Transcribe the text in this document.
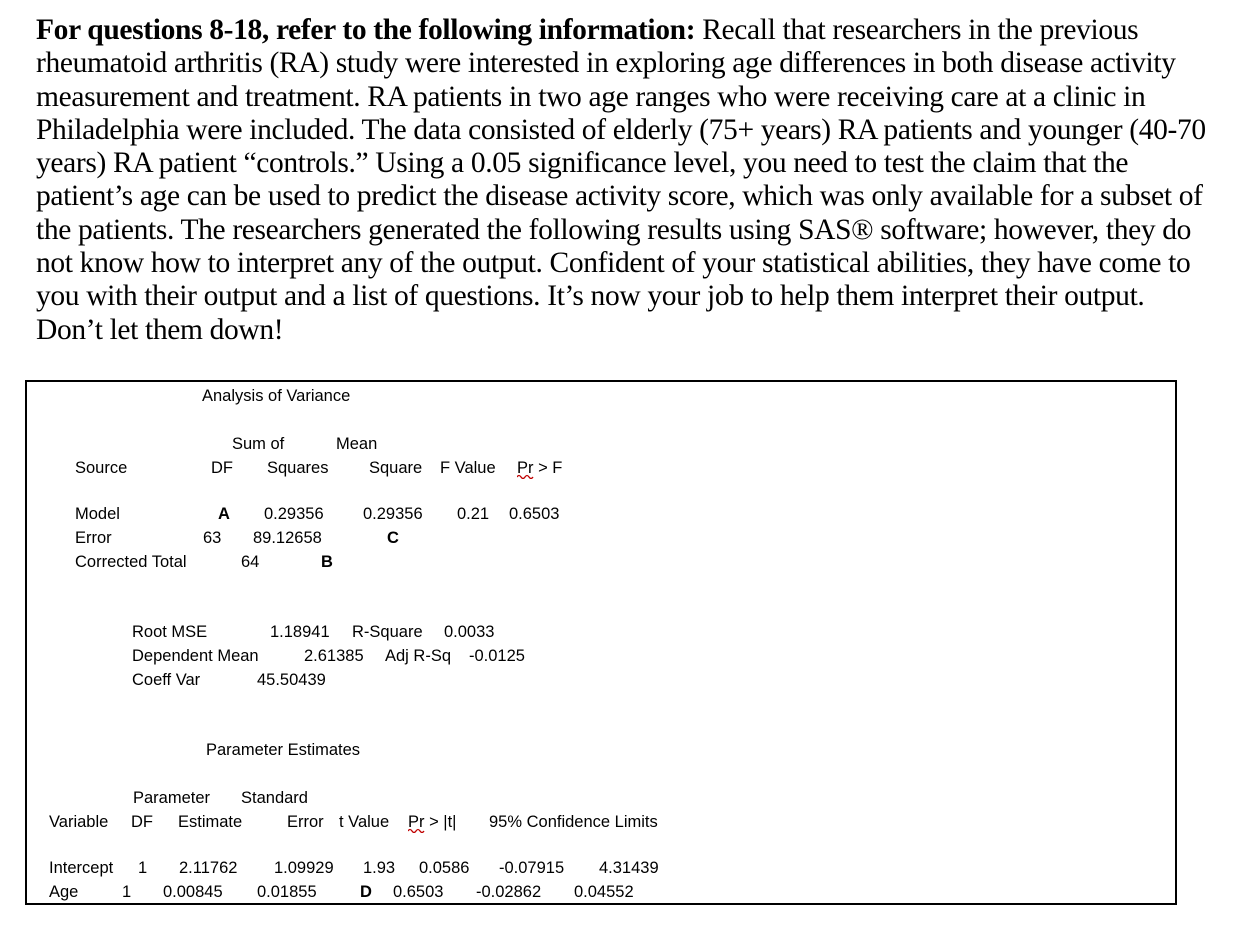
For questions 8-18, refer to the following information: Recall that researchers in the previous rheumatoid arthritis (RA) study were interested in exploring age differences in both disease activity measurement and treatment. RA patients in two age ranges who were receiving care at a clinic in Philadelphia were included. The data consisted of elderly (75+ years) RA patients and younger (40-70 years) RA patient “controls.” Using a 0.05 significance level, you need to test the claim that the patient’s age can be used to predict the disease activity score, which was only available for a subset of the patients. The researchers generated the following results using SAS® software; however, they do not know how to interpret any of the output. Confident of your statistical abilities, they have come to you with their output and a list of questions. It’s now your job to help them interpret their output. Don’t let them down!
Analysis of Variance
Sum of	Mean
Source	DF Squares Square F Value Pr > F
Model	A 0.29356 0.29356 0.21 0.6503
Error	63 89.12658	C
Corrected Total	64	B
Root MSE	1.18941 R-Square 0.0033
Dependent Mean	2.61385 Adj R-Sq -0.0125
Coeff Var	45.50439
Parameter Estimates
Parameter Standard
Variable DF Estimate	Error t Value Pr > |t| 95% Confidence Limits
Intercept 1 2.11762 1.09929 1.93 0.0586 -0.07915 4.31439
Age	1 0.00845 0.01855	D 0.6503 -0.02862 0.04552
